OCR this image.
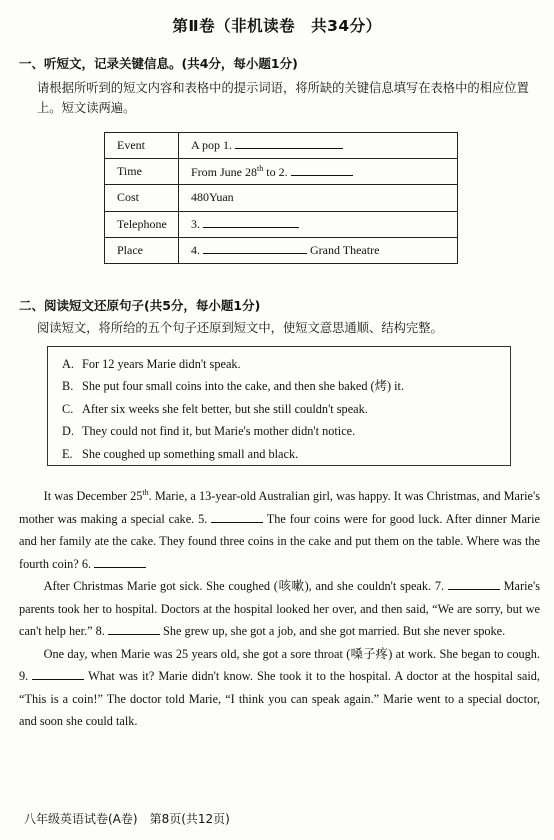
第Ⅱ卷（非机读卷　共34分）
一、听短文，记录关键信息。(共4分，每小题1分)
请根据所听到的短文内容和表格中的提示词语，将所缺的关键信息填写在表格中的相应位置上。短文读两遍。
Event	A pop 1.
Time	From June 28th to 2.
Cost	480Yuan
Telephone	3.
Place	4. Grand Theatre
二、阅读短文还原句子(共5分，每小题1分)
阅读短文，将所给的五个句子还原到短文中，使短文意思通顺、结构完整。
A. For 12 years Marie didn't speak.
B. She put four small coins into the cake, and then she baked (烤) it.
C. After six weeks she felt better, but she still couldn't speak.
D. They could not find it, but Marie's mother didn't notice.
E. She coughed up something small and black.

It was December 25th. Marie, a 13-year-old Australian girl, was happy. It was Christmas, and Marie's mother was making a special cake. 5.	The four coins were for good luck. After dinner Marie and her family ate the cake. They found three coins in the cake and put them on the table. Where was the fourth coin? 6.

After Christmas Marie got sick. She coughed (咳嗽), and she couldn't speak. 7.	Marie's parents took her to hospital. Doctors at the hospital looked her over, and then said, “We are sorry, but we can't help her.” 8.	She grew up, she got a job, and she got married. But she never spoke.

One day, when Marie was 25 years old, she got a sore throat (嗓子疼) at work. She began to cough. 9.	What was it? Marie didn't know. She took it to the hospital. A doctor at the hospital said, “This is a coin!” The doctor told Marie, “I think you can speak again.” Marie went to a special doctor, and soon she could talk.

八年级英语试卷(A卷)　第8页(共12页)
